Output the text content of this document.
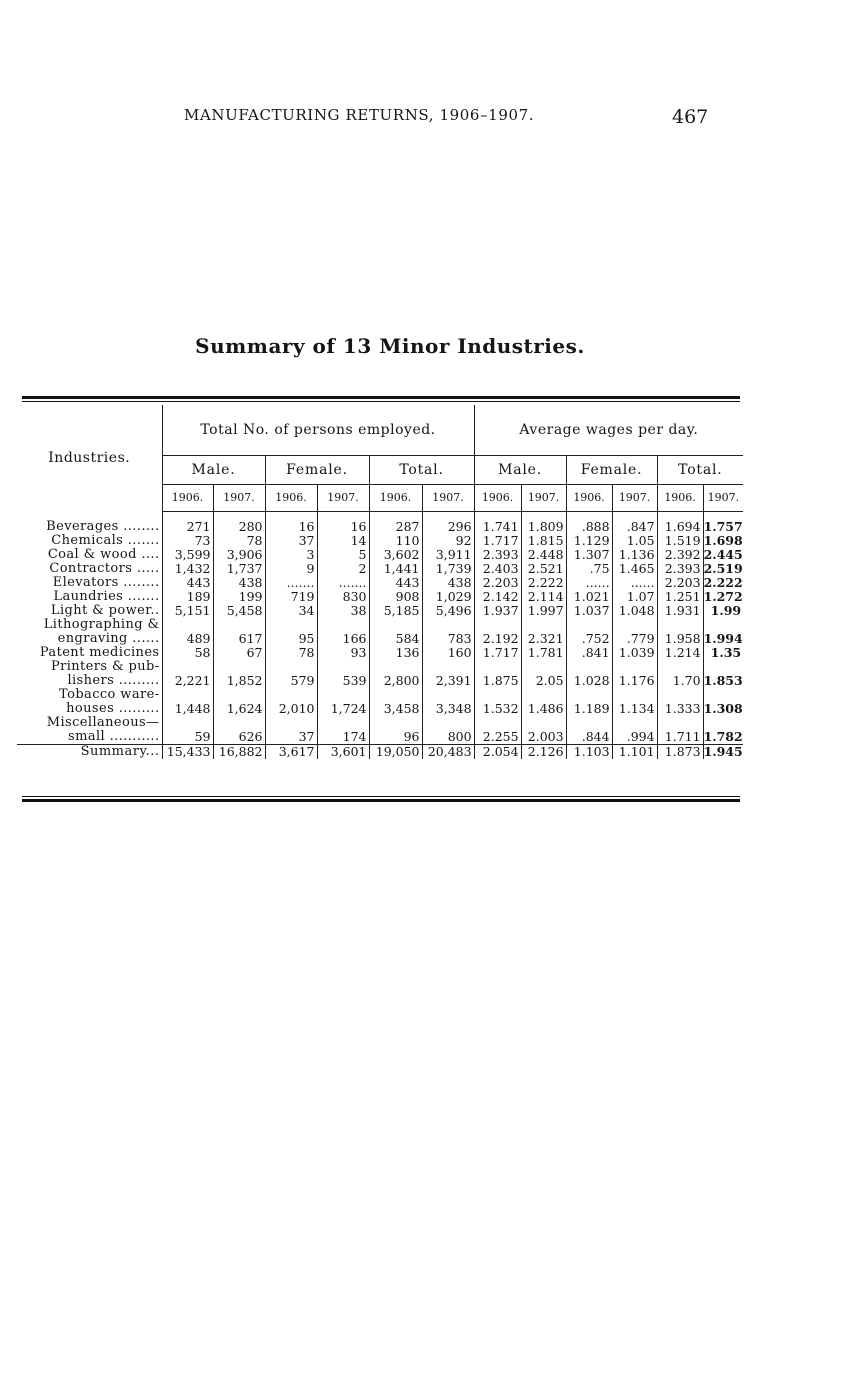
MANUFACTURING RETURNS, 1906–1907.	467
Summary of 13 Minor Industries.
Industries.	Total No. of persons employed.						Average wages per day.					
	Male.		Female.		Total.		Male.		Female.		Total.	
	1906.	1907.	1906.	1907.	1906.	1907.	1906.	1907.	1906.	1907.	1906.	1907.

Beverages ........	271	280	16	16	287	296	1.741	1.809	.888	.847	1.694	1.757
Chemicals .......	73	78	37	14	110	92	1.717	1.815	1.129	1.05	1.519	1.698
Coal & wood ....	3,599	3,906	3	5	3,602	3,911	2.393	2.448	1.307	1.136	2.392	2.445
Contractors .....	1,432	1,737	9	2	1,441	1,739	2.403	2.521	.75	1.465	2.393	2.519
Elevators ........	443	438	.......	.......	443	438	2.203	2.222	......	......	2.203	2.222
Laundries .......	189	199	719	830	908	1,029	2.142	2.114	1.021	1.07	1.251	1.272
Light & power..	5,151	5,458	34	38	5,185	5,496	1.937	1.997	1.037	1.048	1.931	1.99
Lithographing &												
engraving ......	489	617	95	166	584	783	2.192	2.321	.752	.779	1.958	1.994
Patent medicines	58	67	78	93	136	160	1.717	1.781	.841	1.039	1.214	1.35
Printers & pub-												
lishers .........	2,221	1,852	579	539	2,800	2,391	1.875	2.05	1.028	1.176	1.70	1.853
Tobacco ware-												
houses .........	1,448	1,624	2,010	1,724	3,458	3,348	1.532	1.486	1.189	1.134	1.333	1.308
Miscellaneous—												
small ...........	59	626	37	174	96	800	2.255	2.003	.844	.994	1.711	1.782
Summary...	15,433	16,882	3,617	3,601	19,050	20,483	2.054	2.126	1.103	1.101	1.873	1.945
